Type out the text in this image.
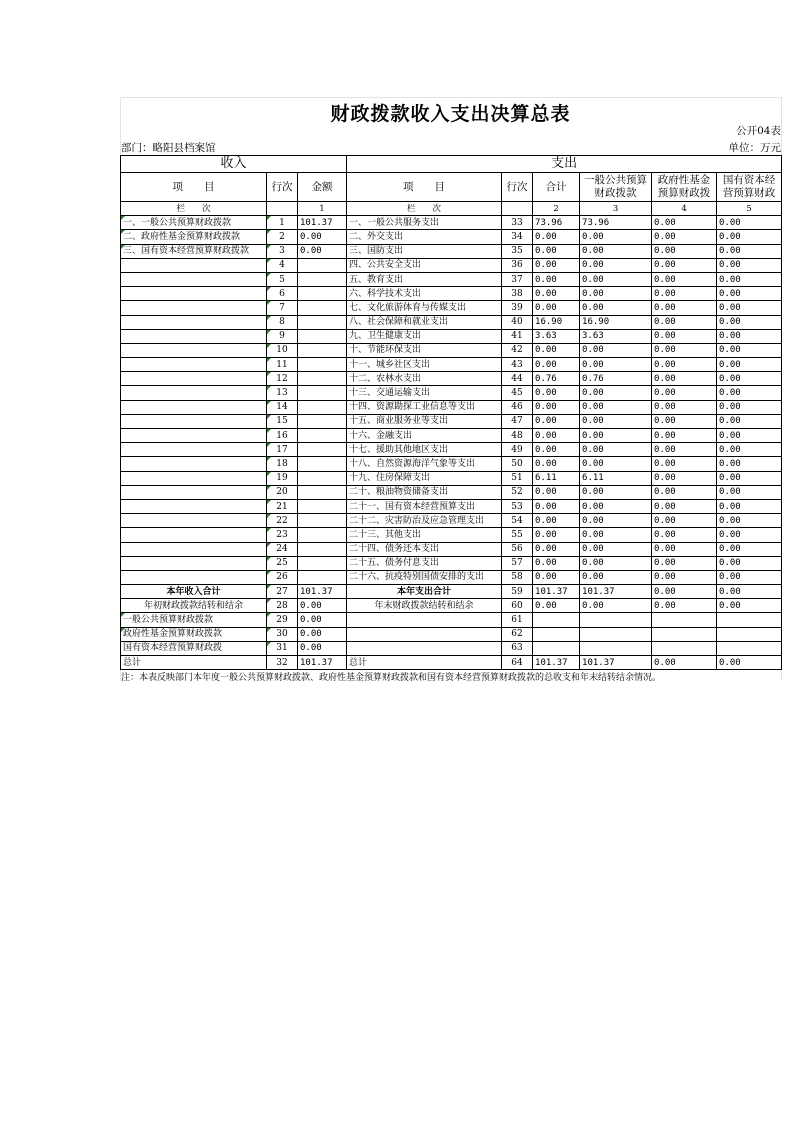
财政拨款收入支出决算总表
公开04表
部门：略阳县档案馆	单位：万元
收入			支出					
项　　目	行次	金额	项　　目	行次	合计	一般公共预算财政拨款	政府性基金预算财政拨	国有资本经营预算财政
栏　　次		1	栏　　次		2	3	4	5
一、一般公共预算财政拨款	1	101.37	一、一般公共服务支出	33	73.96	73.96	0.00	0.00
二、政府性基金预算财政拨款	2	0.00	二、外交支出	34	0.00	0.00	0.00	0.00
三、国有资本经营预算财政拨款	3	0.00	三、国防支出	35	0.00	0.00	0.00	0.00
	4		四、公共安全支出	36	0.00	0.00	0.00	0.00
	5		五、教育支出	37	0.00	0.00	0.00	0.00
	6		六、科学技术支出	38	0.00	0.00	0.00	0.00
	7		七、文化旅游体育与传媒支出	39	0.00	0.00	0.00	0.00
	8		八、社会保障和就业支出	40	16.90	16.90	0.00	0.00
	9		九、卫生健康支出	41	3.63	3.63	0.00	0.00
	10		十、节能环保支出	42	0.00	0.00	0.00	0.00
	11		十一、城乡社区支出	43	0.00	0.00	0.00	0.00
	12		十二、农林水支出	44	0.76	0.76	0.00	0.00
	13		十三、交通运输支出	45	0.00	0.00	0.00	0.00
	14		十四、资源勘探工业信息等支出	46	0.00	0.00	0.00	0.00
	15		十五、商业服务业等支出	47	0.00	0.00	0.00	0.00
	16		十六、金融支出	48	0.00	0.00	0.00	0.00
	17		十七、援助其他地区支出	49	0.00	0.00	0.00	0.00
	18		十八、自然资源海洋气象等支出	50	0.00	0.00	0.00	0.00
	19		十九、住房保障支出	51	6.11	6.11	0.00	0.00
	20		二十、粮油物资储备支出	52	0.00	0.00	0.00	0.00
	21		二十一、国有资本经营预算支出	53	0.00	0.00	0.00	0.00
	22		二十二、灾害防治及应急管理支出	54	0.00	0.00	0.00	0.00
	23		二十三、其他支出	55	0.00	0.00	0.00	0.00
	24		二十四、债务还本支出	56	0.00	0.00	0.00	0.00
	25		二十五、债务付息支出	57	0.00	0.00	0.00	0.00
	26		二十六、抗疫特别国债安排的支出	58	0.00	0.00	0.00	0.00
本年收入合计	27	101.37	本年支出合计	59	101.37	101.37	0.00	0.00
年初财政拨款结转和结余	28	0.00	年末财政拨款结转和结余	60	0.00	0.00	0.00	0.00
一般公共预算财政拨款	29	0.00		61				
政府性基金预算财政拨款	30	0.00		62				
国有资本经营预算财政拨	31	0.00		63				
总计	32	101.37	总计	64	101.37	101.37	0.00	0.00
注：本表反映部门本年度一般公共预算财政拨款、政府性基金预算财政拨款和国有资本经营预算财政拨款的总收支和年末结转结余情况。
